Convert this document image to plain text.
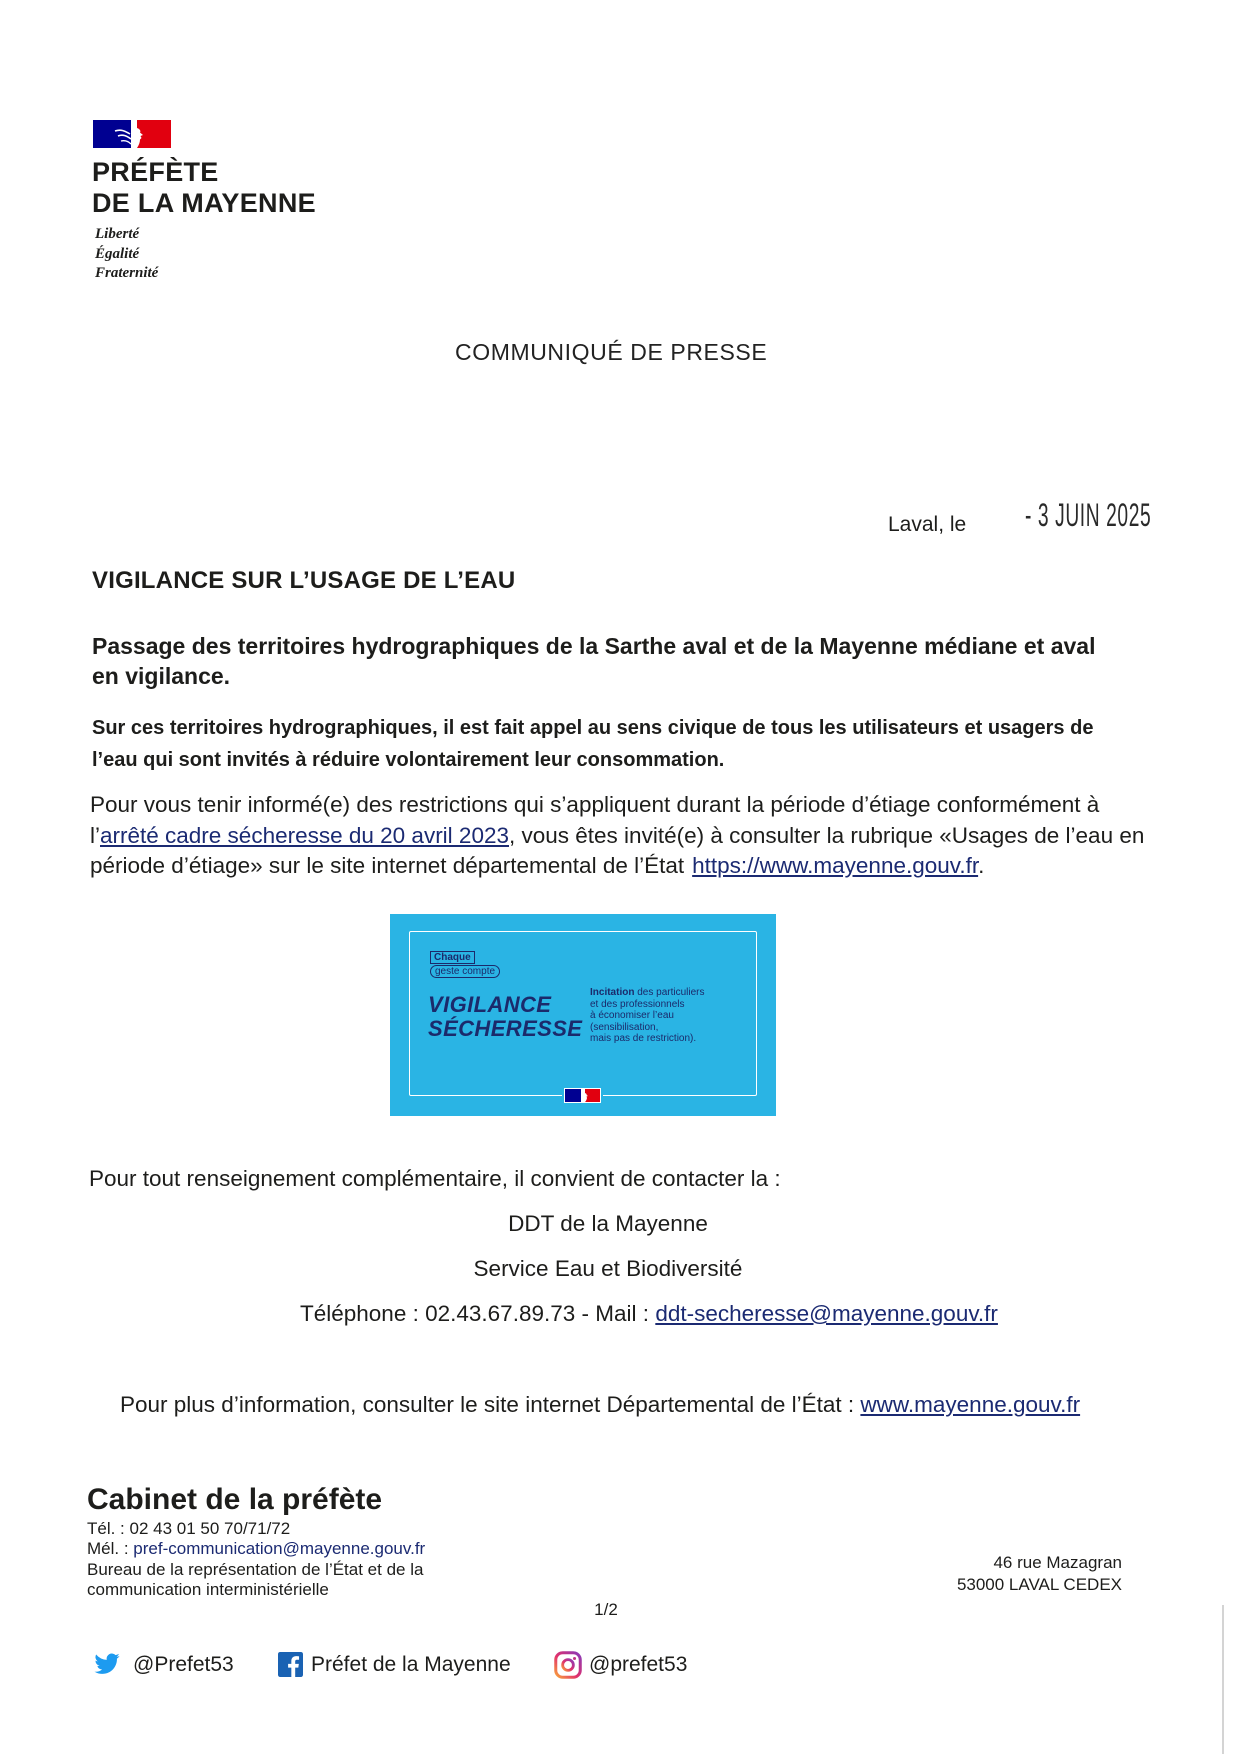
PRÉFÈTE
DE LA MAYENNE
Liberté
Égalité
Fraternité
COMMUNIQUÉ DE PRESSE
Laval, le - 3 JUIN 2025
VIGILANCE SUR L’USAGE DE L’EAU
Passage des territoires hydrographiques de la Sarthe aval et de la Mayenne médiane et aval
en vigilance.
Sur ces territoires hydrographiques, il est fait appel au sens civique de tous les utilisateurs et usagers de
l’eau qui sont invités à réduire volontairement leur consommation.
Pour vous tenir informé(e) des restrictions qui s’appliquent durant la période d’étiage conformément à
l’arrêté cadre sécheresse du 20 avril 2023, vous êtes invité(e) à consulter la rubrique «Usages de l’eau en
période d’étiage» sur le site internet départemental de l’État https://www.mayenne.gouv.fr.
Chaque
geste compte
VIGILANCE
SÉCHERESSE
Incitation des particuliers
et des professionnels
à économiser l’eau
(sensibilisation,
mais pas de restriction).
Pour tout renseignement complémentaire, il convient de contacter la :
DDT de la Mayenne
Service Eau et Biodiversité
Téléphone : 02.43.67.89.73 - Mail : ddt-secheresse@mayenne.gouv.fr
Pour plus d’information, consulter le site internet Départemental de l’État : www.mayenne.gouv.fr
Cabinet de la préfète
Tél. : 02 43 01 50 70/71/72
Mél. : pref-communication@mayenne.gouv.fr
Bureau de la représentation de l’État et de la
communication interministérielle
46 rue Mazagran
53000 LAVAL CEDEX
1/2
@Prefet53	Préfet de la Mayenne	@prefet53
